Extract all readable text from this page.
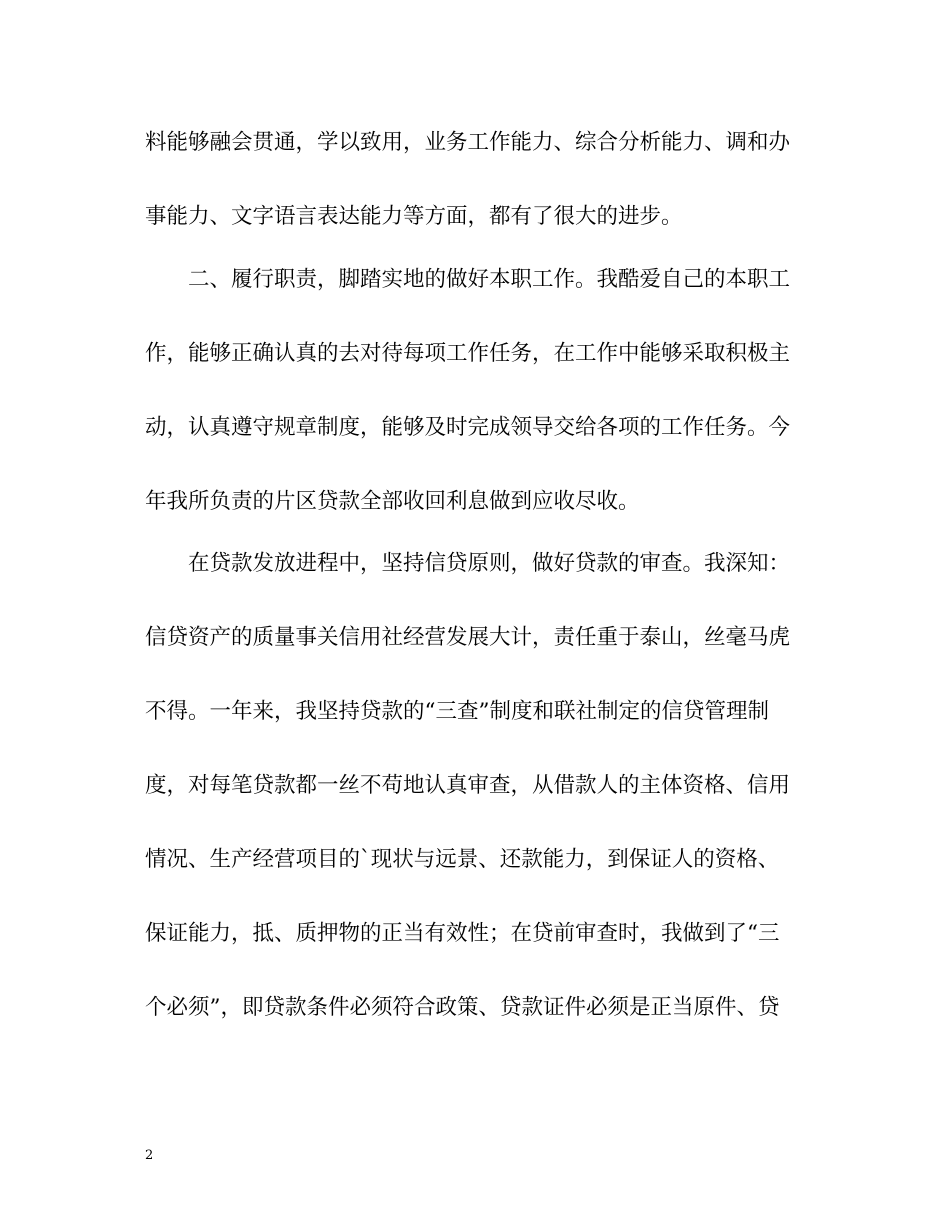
料能够融会贯通，学以致用，业务工作能力、综合分析能力、调和办
事能力、文字语言表达能力等方面，都有了很大的进步。
　　二、履行职责，脚踏实地的做好本职工作。我酷爱自己的本职工
作，能够正确认真的去对待每项工作任务，在工作中能够采取积极主
动，认真遵守规章制度，能够及时完成领导交给各项的工作任务。今
年我所负责的片区贷款全部收回利息做到应收尽收。
　　在贷款发放进程中，坚持信贷原则，做好贷款的审查。我深知：
信贷资产的质量事关信用社经营发展大计，责任重于泰山，丝毫马虎
不得。一年来，我坚持贷款的“三查”制度和联社制定的信贷管理制
度，对每笔贷款都一丝不苟地认真审查，从借款人的主体资格、信用
情况、生产经营项目的`现状与远景、还款能力，到保证人的资格、
保证能力，抵、质押物的正当有效性；在贷前审查时，我做到了“三
个必须”，即贷款条件必须符合政策、贷款证件必须是正当原件、贷
2
